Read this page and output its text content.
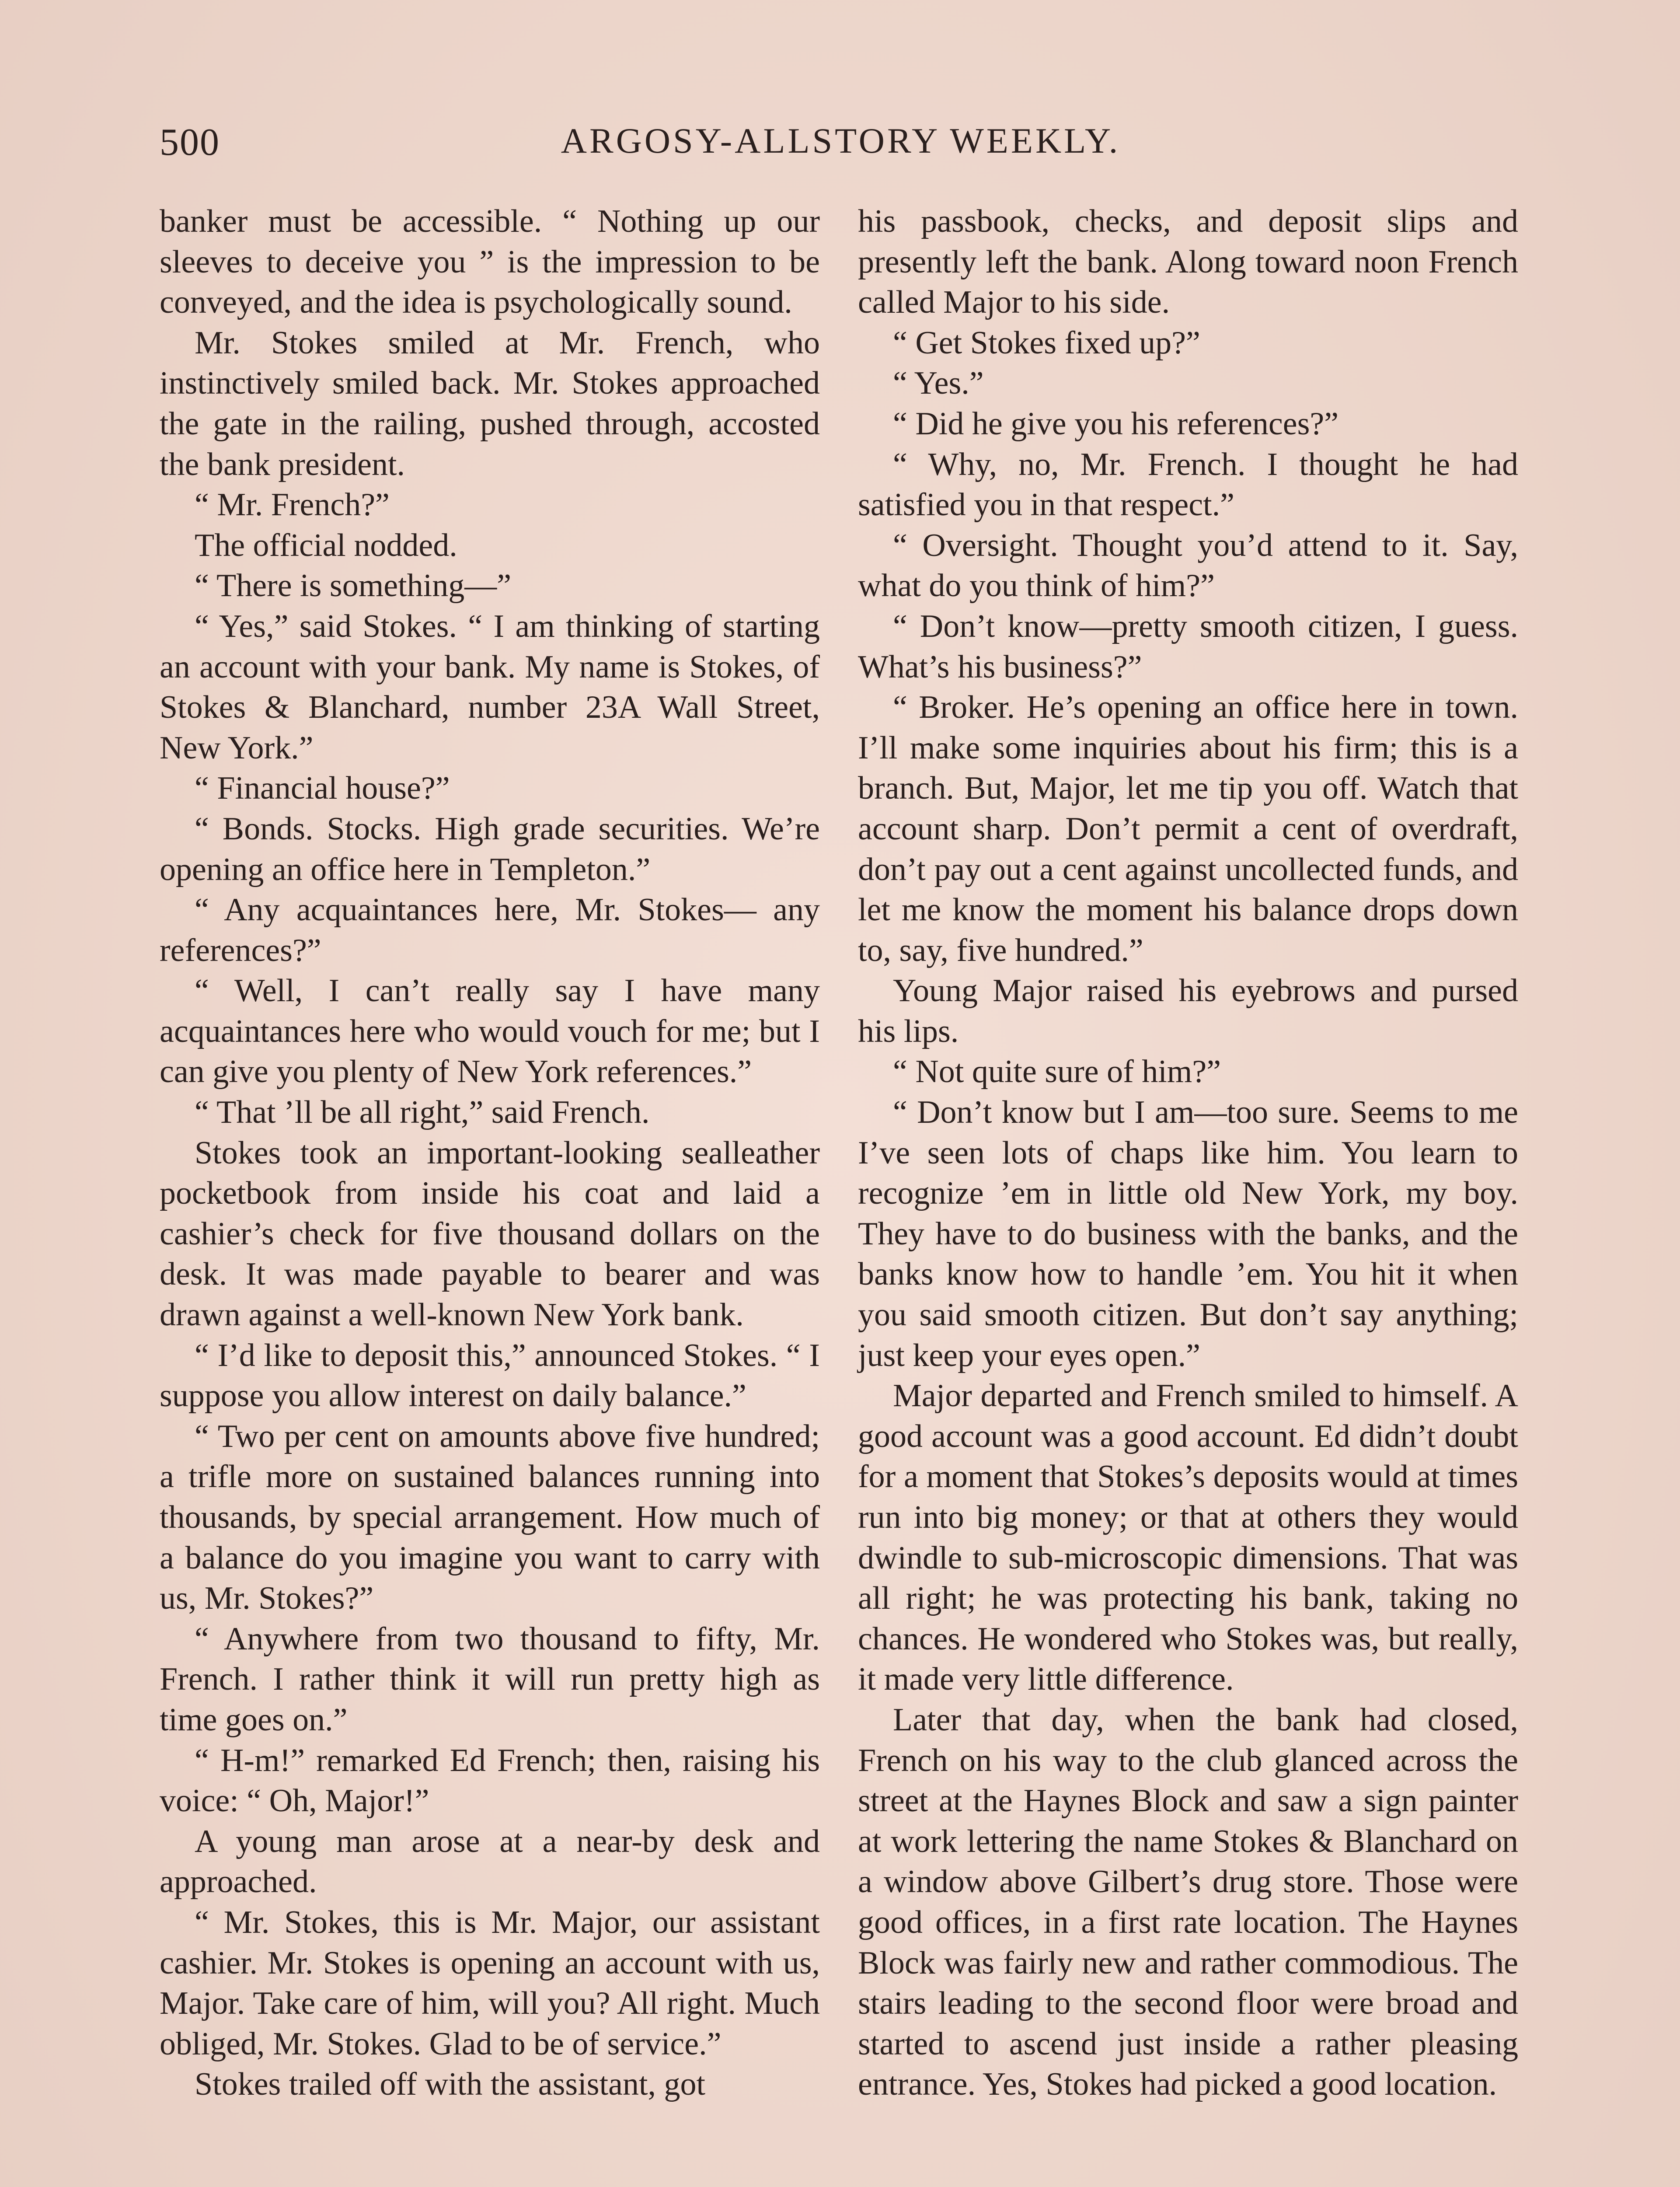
500	ARGOSY-ALLSTORY WEEKLY.

banker must be accessible. “ Nothing up our sleeves to deceive you ” is the impression to be conveyed, and the idea is psychologically sound.

Mr. Stokes smiled at Mr. French, who instinctively smiled back. Mr. Stokes approached the gate in the railing, pushed through, accosted the bank president.

“ Mr. French?”

The official nodded.

“ There is something—”

“ Yes,” said Stokes. “ I am thinking of starting an account with your bank. My name is Stokes, of Stokes & Blanchard, number 23A Wall Street, New York.”

“ Financial house?”

“ Bonds. Stocks. High grade securities. We’re opening an office here in Templeton.”

“ Any acquaintances here, Mr. Stokes— any references?”

“ Well, I can’t really say I have many acquaintances here who would vouch for me; but I can give you plenty of New York references.”

“ That ’ll be all right,” said French.

Stokes took an important-looking sealleather pocketbook from inside his coat and laid a cashier’s check for five thousand dollars on the desk. It was made payable to bearer and was drawn against a well-known New York bank.

“ I’d like to deposit this,” announced Stokes. “ I suppose you allow interest on daily balance.”

“ Two per cent on amounts above five hundred; a trifle more on sustained balances running into thousands, by special arrangement. How much of a balance do you imagine you want to carry with us, Mr. Stokes?”

“ Anywhere from two thousand to fifty, Mr. French. I rather think it will run pretty high as time goes on.”

“ H-m!” remarked Ed French; then, raising his voice: “ Oh, Major!”

A young man arose at a near-by desk and approached.

“ Mr. Stokes, this is Mr. Major, our assistant cashier. Mr. Stokes is opening an account with us, Major. Take care of him, will you? All right. Much obliged, Mr. Stokes. Glad to be of service.”

Stokes trailed off with the assistant, got

his passbook, checks, and deposit slips and presently left the bank. Along toward noon French called Major to his side.

“ Get Stokes fixed up?”

“ Yes.”

“ Did he give you his references?”

“ Why, no, Mr. French. I thought he had satisfied you in that respect.”

“ Oversight. Thought you’d attend to it. Say, what do you think of him?”

“ Don’t know—pretty smooth citizen, I guess. What’s his business?”

“ Broker. He’s opening an office here in town. I’ll make some inquiries about his firm; this is a branch. But, Major, let me tip you off. Watch that account sharp. Don’t permit a cent of overdraft, don’t pay out a cent against uncollected funds, and let me know the moment his balance drops down to, say, five hundred.”

Young Major raised his eyebrows and pursed his lips.

“ Not quite sure of him?”

“ Don’t know but I am—too sure. Seems to me I’ve seen lots of chaps like him. You learn to recognize ’em in little old New York, my boy. They have to do business with the banks, and the banks know how to handle ’em. You hit it when you said smooth citizen. But don’t say anything; just keep your eyes open.”

Major departed and French smiled to himself. A good account was a good account. Ed didn’t doubt for a moment that Stokes’s deposits would at times run into big money; or that at others they would dwindle to sub-microscopic dimensions. That was all right; he was protecting his bank, taking no chances. He wondered who Stokes was, but really, it made very little difference.

Later that day, when the bank had closed, French on his way to the club glanced across the street at the Haynes Block and saw a sign painter at work lettering the name Stokes & Blanchard on a window above Gilbert’s drug store. Those were good offices, in a first rate location. The Haynes Block was fairly new and rather commodious. The stairs leading to the second floor were broad and started to ascend just inside a rather pleasing entrance. Yes, Stokes had picked a good location.
